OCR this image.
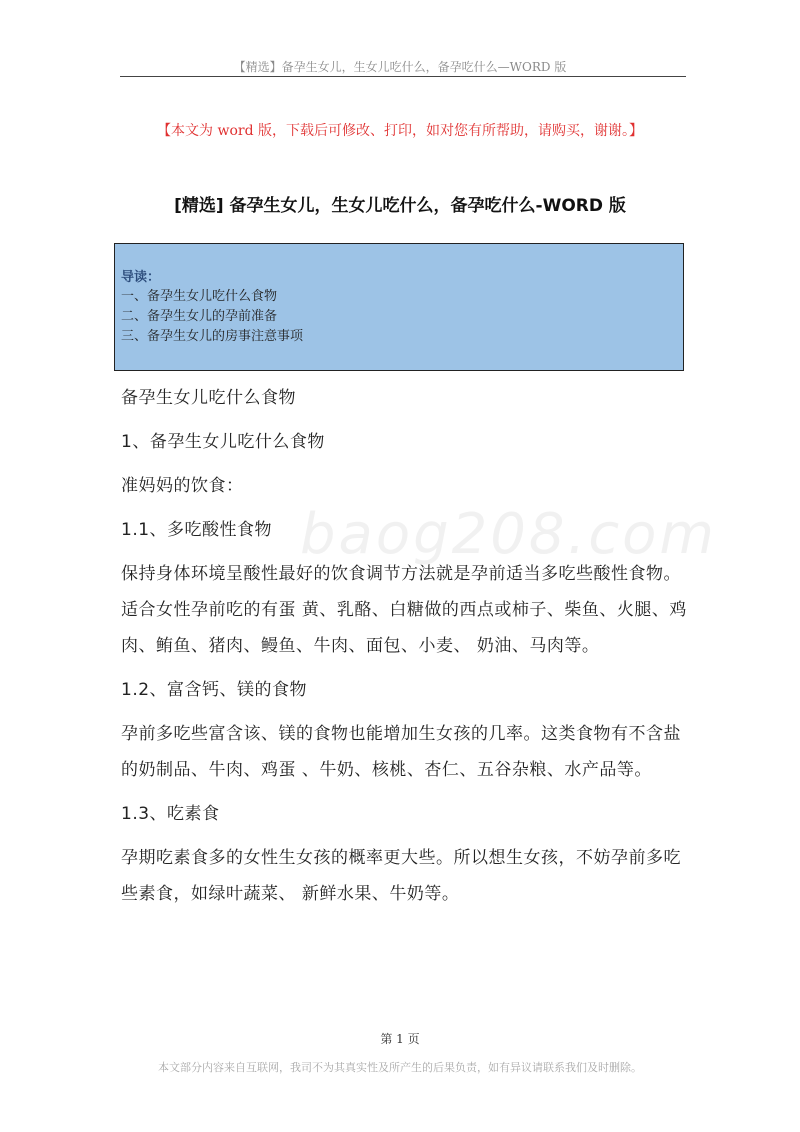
【精选】备孕生女儿，生女儿吃什么，备孕吃什么—WORD 版
【本文为 word 版，下载后可修改、打印，如对您有所帮助，请购买，谢谢。】
[精选] 备孕生女儿，生女儿吃什么，备孕吃什么-WORD 版
导读：
一、备孕生女儿吃什么食物
二、备孕生女儿的孕前准备
三、备孕生女儿的房事注意事项
baog208.com

备孕生女儿吃什么食物

1、备孕生女儿吃什么食物

准妈妈的饮食：

1.1、多吃酸性食物

保持身体环境呈酸性最好的饮食调节方法就是孕前适当多吃些酸性食物。适合女性孕前吃的有蛋 黄、乳酪、白糖做的西点或柿子、柴鱼、火腿、鸡肉、鲔鱼、猪肉、鳗鱼、牛肉、面包、小麦、 奶油、马肉等。

1.2、富含钙、镁的食物

孕前多吃些富含该、镁的食物也能增加生女孩的几率。这类食物有不含盐的奶制品、牛肉、鸡蛋 、牛奶、核桃、杏仁、五谷杂粮、水产品等。

1.3、吃素食

孕期吃素食多的女性生女孩的概率更大些。所以想生女孩，不妨孕前多吃些素食，如绿叶蔬菜、 新鲜水果、牛奶等。

第 1 页
本文部分内容来自互联网，我司不为其真实性及所产生的后果负责，如有异议请联系我们及时删除。
